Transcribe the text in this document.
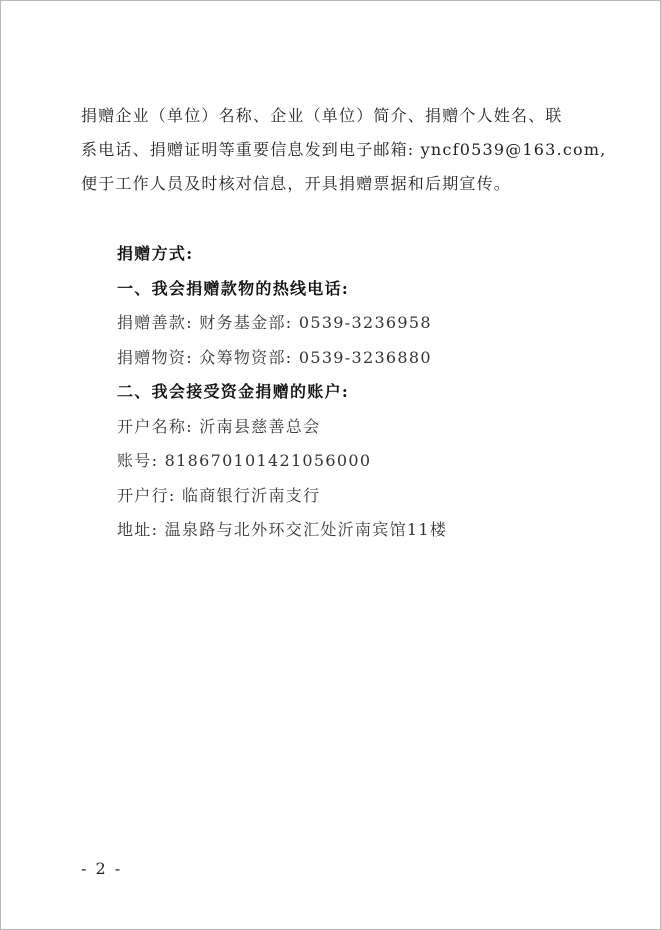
捐赠企业（单位）名称、企业（单位）简介、捐赠个人姓名、联
系电话、捐赠证明等重要信息发到电子邮箱: yncf0539@163.com,
便于工作人员及时核对信息，开具捐赠票据和后期宣传。
捐赠方式:
一、我会捐赠款物的热线电话:
捐赠善款: 财务基金部: 0539-3236958
捐赠物资: 众筹物资部: 0539-3236880
二、我会接受资金捐赠的账户:
开户名称: 沂南县慈善总会
账号: 818670101421056000
开户行: 临商银行沂南支行
地址: 温泉路与北外环交汇处沂南宾馆11楼
- 2 -
